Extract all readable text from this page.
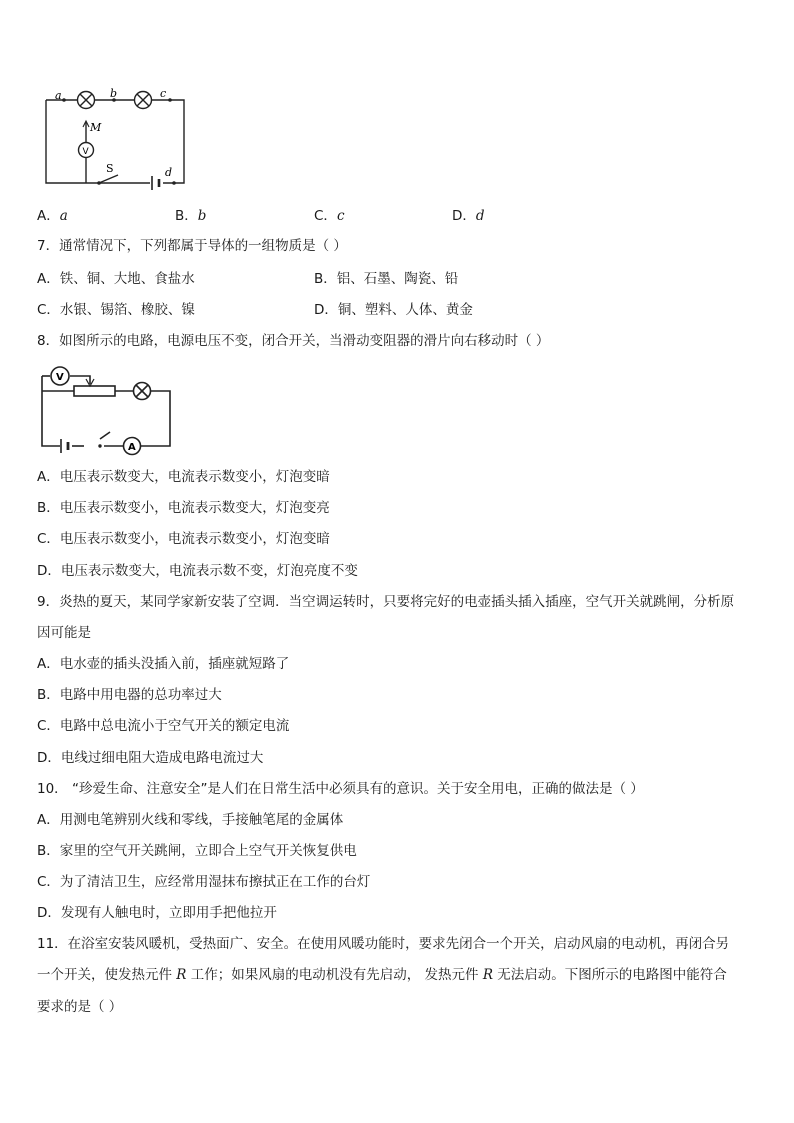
a	b	c
M
V
S	d
A．a	B．b	C．c	D．d
7．通常情况下，下列都属于导体的一组物质是（ ）
A．铁、铜、大地、食盐水	B．铝、石墨、陶瓷、铅
C．水银、锡箔、橡胶、镍	D．铜、塑料、人体、黄金
8．如图所示的电路，电源电压不变，闭合开关，当滑动变阻器的滑片向右移动时（ ）
V
A
A．电压表示数变大，电流表示数变小，灯泡变暗
B．电压表示数变小，电流表示数变大，灯泡变亮
C．电压表示数变小，电流表示数变小，灯泡变暗
D．电压表示数变大，电流表示数不变，灯泡亮度不变
9．炎热的夏天，某同学家新安装了空调．当空调运转时，只要将完好的电壶插头插入插座，空气开关就跳闸，分析原
因可能是
A．电水壶的插头没插入前，插座就短路了
B．电路中用电器的总功率过大
C．电路中总电流小于空气开关的额定电流
D．电线过细电阻大造成电路电流过大
10． “珍爱生命、注意安全”是人们在日常生活中必须具有的意识。关于安全用电，正确的做法是（ ）
A．用测电笔辨别火线和零线，手接触笔尾的金属体
B．家里的空气开关跳闸，立即合上空气开关恢复供电
C．为了清洁卫生，应经常用湿抹布擦拭正在工作的台灯
D．发现有人触电时，立即用手把他拉开
11．在浴室安装风暖机，受热面广、安全。在使用风暖功能时，要求先闭合一个开关，启动风扇的电动机，再闭合另
一个开关，使发热元件 R 工作；如果风扇的电动机没有先启动， 发热元件 R 无法启动。下图所示的电路图中能符合
要求的是（ ）
